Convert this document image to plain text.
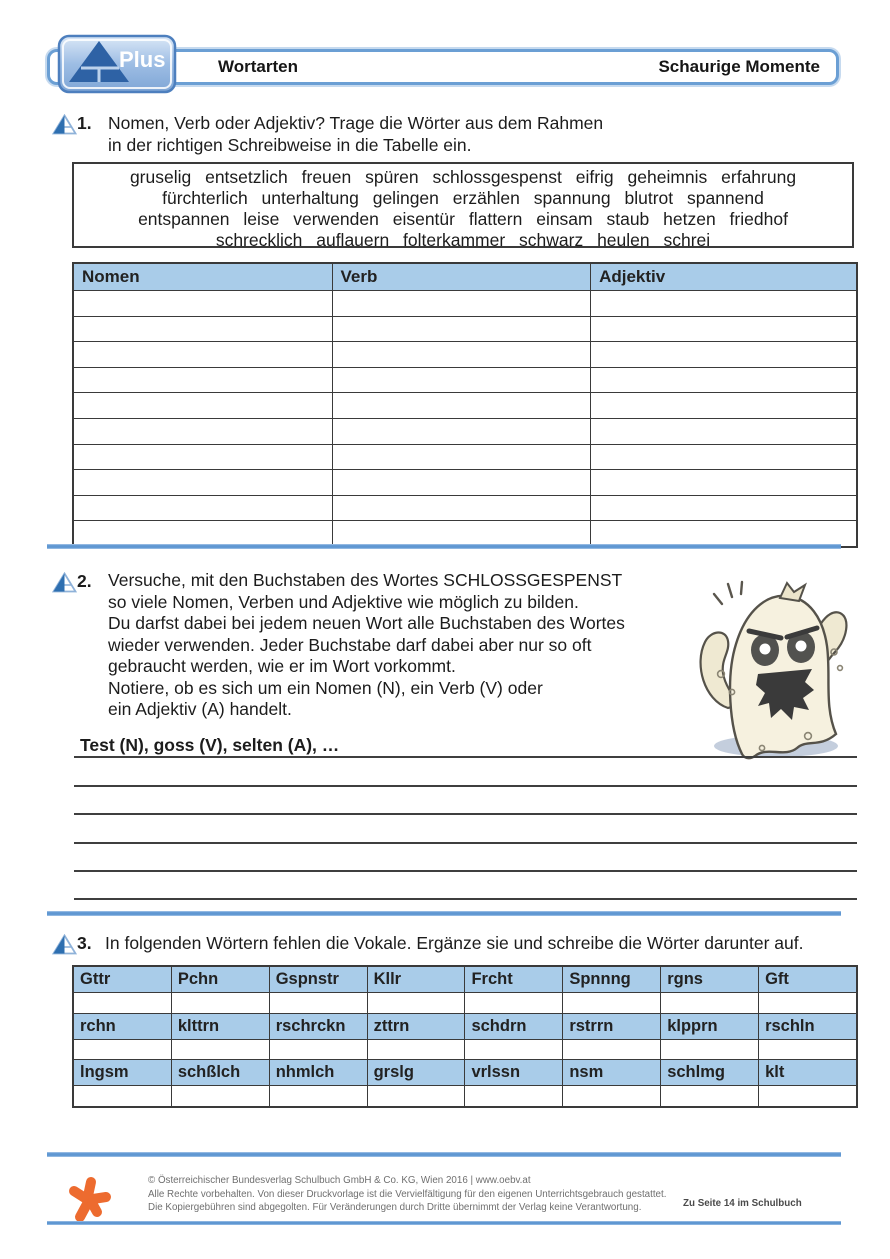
Wortarten	Schaurige Momente
Plus
1. Nomen, Verb oder Adjektiv? Trage die Wörter aus dem Rahmen
in der richtigen Schreibweise in die Tabelle ein.
gruselig entsetzlich freuen spüren schlossgespenst eifrig geheimnis erfahrung
fürchterlich unterhaltung gelingen erzählen spannung blutrot spannend
entspannen leise verwenden eisentür flattern einsam staub hetzen friedhof
schrecklich auflauern folterkammer schwarz heulen schrei
Nomen	Verb	Adjektiv

2. Versuche, mit den Buchstaben des Wortes SCHLOSSGESPENST
so viele Nomen, Verben und Adjektive wie möglich zu bilden.
Du darfst dabei bei jedem neuen Wort alle Buchstaben des Wortes
wieder verwenden. Jeder Buchstabe darf dabei aber nur so oft
gebraucht werden, wie er im Wort vorkommt.
Notiere, ob es sich um ein Nomen (N), ein Verb (V) oder
ein Adjektiv (A) handelt.
Test (N), goss (V), selten (A), …
3. In folgenden Wörtern fehlen die Vokale. Ergänze sie und schreibe die Wörter darunter auf.
Gttr	Pchn	Gspnstr	Kllr	Frcht	Spnnng	rgns	Gft

rchn	klttrn	rschrckn	zttrn	schdrn	rstrrn	klpprn	rschln

lngsm	schßlch	nhmlch	grslg	vrlssn	nsm	schlmg	klt

© Österreichischer Bundesverlag Schulbuch GmbH & Co. KG, Wien 2016 | www.oebv.at
Alle Rechte vorbehalten. Von dieser Druckvorlage ist die Vervielfältigung für den eigenen Unterrichtsgebrauch gestattet.
Die Kopiergebühren sind abgegolten. Für Veränderungen durch Dritte übernimmt der Verlag keine Verantwortung.	Zu Seite 14 im Schulbuch
